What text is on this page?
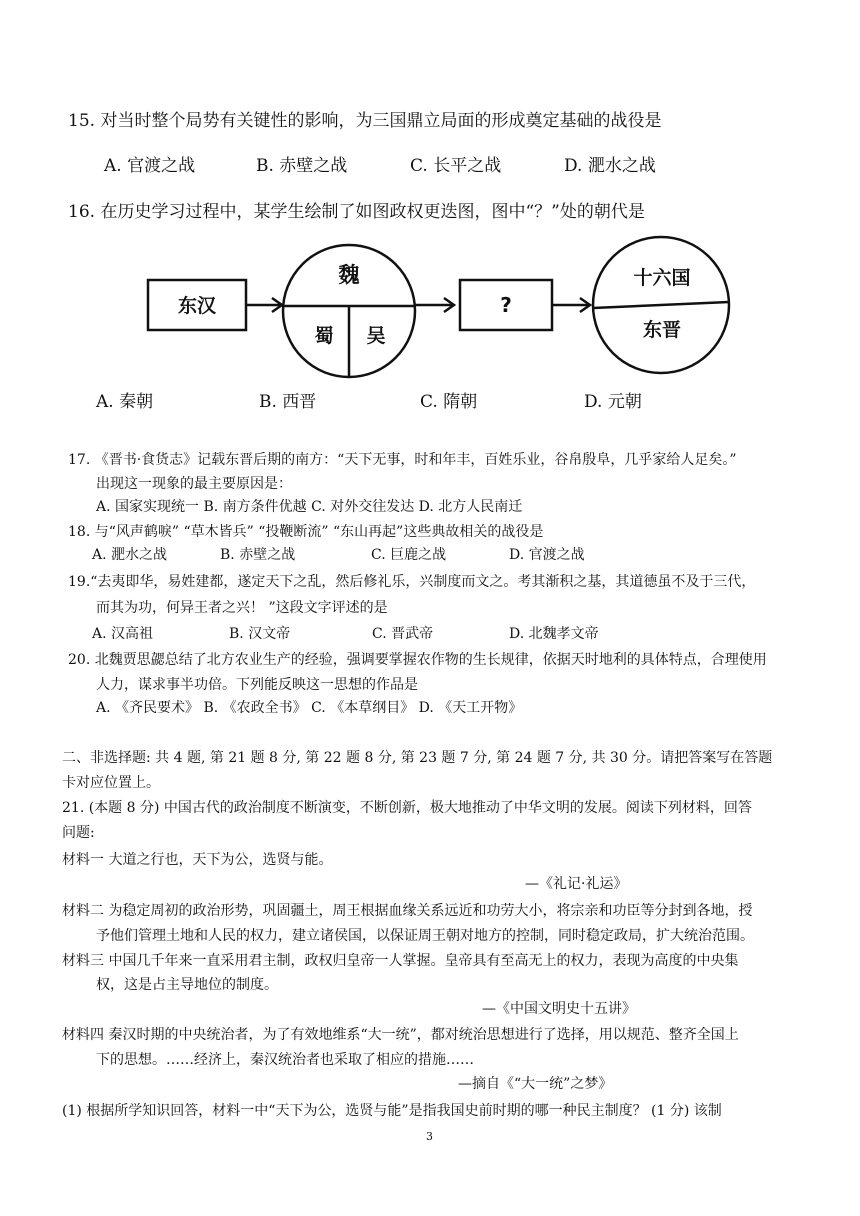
15. 对当时整个局势有关键性的影响，为三国鼎立局面的形成奠定基础的战役是
A. 官渡之战	B. 赤壁之战	C. 长平之战	D. 淝水之战
16. 在历史学习过程中，某学生绘制了如图政权更迭图，图中“？”处的朝代是
东汉
魏
蜀 吴
?
十六国
东晋
A. 秦朝	B. 西晋	C. 隋朝	D. 元朝
17. 《晋书·食货志》记载东晋后期的南方：“天下无事，时和年丰，百姓乐业，谷帛殷阜，几乎家给人足矣。”
出现这一现象的最主要原因是：
A. 国家实现统一 B. 南方条件优越 C. 对外交往发达 D. 北方人民南迁
18. 与“风声鹤唳” “草木皆兵” “投鞭断流” “东山再起”这些典故相关的战役是
A. 淝水之战	B. 赤壁之战	C. 巨鹿之战	D. 官渡之战
19.“去夷即华，易姓建都，遂定天下之乱，然后修礼乐，兴制度而文之。考其渐积之基，其道德虽不及于三代，
而其为功，何异王者之兴！ ”这段文字评述的是
A. 汉高祖	B. 汉文帝	C. 晋武帝	D. 北魏孝文帝
20. 北魏贾思勰总结了北方农业生产的经验，强调要掌握农作物的生长规律，依据天时地利的具体特点，合理使用
人力，谋求事半功倍。下列能反映这一思想的作品是
A. 《齐民要术》 B. 《农政全书》 C. 《本草纲目》 D. 《天工开物》
二、非选择题: 共 4 题, 第 21 题 8 分, 第 22 题 8 分, 第 23 题 7 分, 第 24 题 7 分, 共 30 分。请把答案写在答题
卡对应位置上。
21. (本题 8 分) 中国古代的政治制度不断演变，不断创新，极大地推动了中华文明的发展。阅读下列材料，回答
问题:
材料一 大道之行也，天下为公，选贤与能。
—《礼记·礼运》
材料二 为稳定周初的政治形势，巩固疆土，周王根据血缘关系远近和功劳大小，将宗亲和功臣等分封到各地，授
予他们管理土地和人民的权力，建立诸侯国，以保证周王朝对地方的控制，同时稳定政局，扩大统治范围。
材料三 中国几千年来一直采用君主制，政权归皇帝一人掌握。皇帝具有至高无上的权力，表现为高度的中央集
权，这是占主导地位的制度。
—《中国文明史十五讲》
材料四 秦汉时期的中央统治者，为了有效地维系“大一统”，都对统治思想进行了选择，用以规范、整齐全国上
下的思想。……经济上，秦汉统治者也采取了相应的措施……
—摘自《“大一统”之梦》
(1) 根据所学知识回答，材料一中“天下为公，选贤与能”是指我国史前时期的哪一种民主制度？ (1 分) 该制
3
